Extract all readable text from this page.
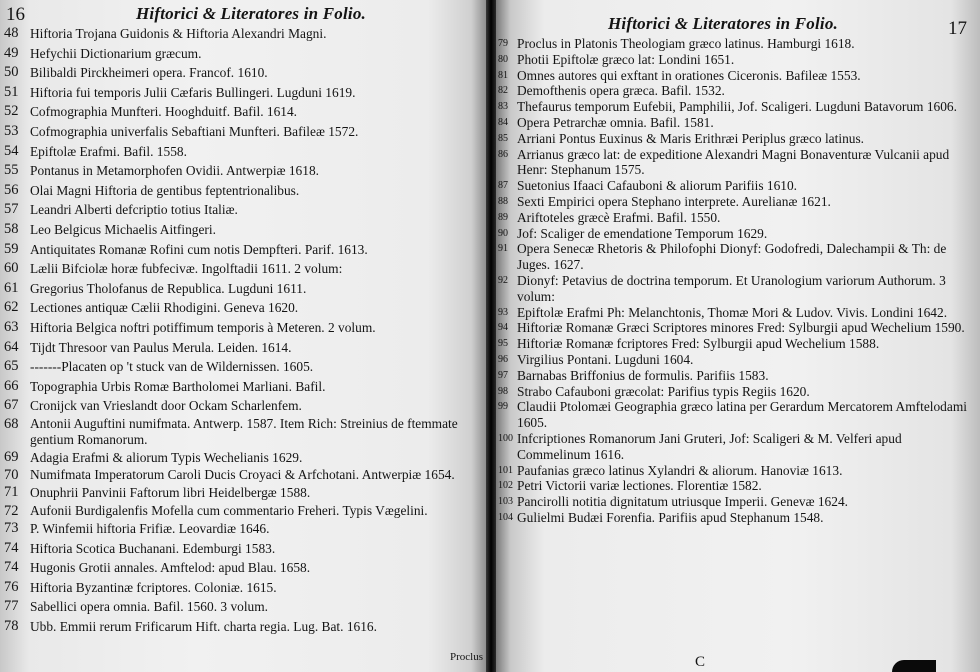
16	Hiftorici & Literatores in Folio.
48 Hiftoria Trojana Guidonis & Hiftoria Alexandri Magni.
49 Hefychii Dictionarium græcum.
50 Bilibaldi Pirckheimeri opera. Francof. 1610.
51 Hiftoria fui temporis Julii Cæfaris Bullingeri. Lugduni 1619.
52 Cofmographia Munfteri. Hooghduitf. Bafil. 1614.
53 Cofmographia univerfalis Sebaftiani Munfteri. Bafileæ 1572.
54 Epiftolæ Erafmi. Bafil. 1558.
55 Pontanus in Metamorphofen Ovidii. Antwerpiæ 1618.
56 Olai Magni Hiftoria de gentibus feptentrionalibus.
57 Leandri Alberti defcriptio totius Italiæ.
58 Leo Belgicus Michaelis Aitfingeri.
59 Antiquitates Romanæ Rofini cum notis Dempfteri. Parif. 1613.
60 Lælii Bifciolæ horæ fubfecivæ. Ingolftadii 1611. 2 volum:
61 Gregorius Tholofanus de Republica. Lugduni 1611.
62 Lectiones antiquæ Cælii Rhodigini. Geneva 1620.
63 Hiftoria Belgica noftri potiffimum temporis à Meteren. 2 volum.
64 Tijdt Thresoor van Paulus Merula. Leiden. 1614.
65 -------Placaten op 't stuck van de Wildernissen. 1605.
66 Topographia Urbis Romæ Bartholomei Marliani. Bafil.
67 Cronijck van Vrieslandt door Ockam Scharlenfem.
68 Antonii Auguftini numifmata. Antwerp. 1587. Item Rich: Streinius de ftemmate gentium Romanorum.
69 Adagia Erafmi & aliorum Typis Wechelianis 1629.
70 Numifmata Imperatorum Caroli Ducis Croyaci & Arfchotani. Antwerpiæ 1654.
71 Onuphrii Panvinii Faftorum libri Heidelbergæ 1588.
72 Aufonii Burdigalenfis Mofella cum commentario Freheri. Typis Vægelini.
73 P. Winfemii hiftoria Frifiæ. Leovardiæ 1646.
74 Hiftoria Scotica Buchanani. Edemburgi 1583.
74 Hugonis Grotii annales. Amftelod: apud Blau. 1658.
76 Hiftoria Byzantinæ fcriptores. Coloniæ. 1615.
77 Sabellici opera omnia. Bafil. 1560. 3 volum.
78 Ubb. Emmii rerum Frificarum Hift. charta regia. Lug. Bat. 1616.
Proclus
Hiftorici & Literatores in Folio.	17
79 Proclus in Platonis Theologiam græco latinus. Hamburgi 1618.
80 Photii Epiftolæ græco lat: Londini 1651.
81 Omnes autores qui exftant in orationes Ciceronis. Bafileæ 1553.
82 Demofthenis opera græca. Bafil. 1532.
83 Thefaurus temporum Eufebii, Pamphilii, Jof. Scaligeri. Lugduni Batavorum 1606.
84 Opera Petrarchæ omnia. Bafil. 1581.
85 Arriani Pontus Euxinus & Maris Erithræi Periplus græco latinus.
86 Arrianus græco lat: de expeditione Alexandri Magni Bonaventuræ Vulcanii apud Henr: Stephanum 1575.
87 Suetonius Ifaaci Cafauboni & aliorum Parifiis 1610.
88 Sexti Empirici opera Stephano interprete. Aurelianæ 1621.
89 Ariftoteles græcè Erafmi. Bafil. 1550.
90 Jof: Scaliger de emendatione Temporum 1629.
91 Opera Senecæ Rhetoris & Philofophi Dionyf: Godofredi, Dalechampii & Th: de Juges. 1627.
92 Dionyf: Petavius de doctrina temporum. Et Uranologium variorum Authorum. 3 volum:
93 Epiftolæ Erafmi Ph: Melanchtonis, Thomæ Mori & Ludov. Vivis. Londini 1642.
94 Hiftoriæ Romanæ Græci Scriptores minores Fred: Sylburgii apud Wechelium 1590.
95 Hiftoriæ Romanæ fcriptores Fred: Sylburgii apud Wechelium 1588.
96 Virgilius Pontani. Lugduni 1604.
97 Barnabas Briffonius de formulis. Parifiis 1583.
98 Strabo Cafauboni græcolat: Parifius typis Regiis 1620.
99 Claudii Ptolomæi Geographia græco latina per Gerardum Mercatorem Amftelodami 1605.
100 Infcriptiones Romanorum Jani Gruteri, Jof: Scaligeri & M. Velferi apud Commelinum 1616.
101 Paufanias græco latinus Xylandri & aliorum. Hanoviæ 1613.
102 Petri Victorii variæ lectiones. Florentiæ 1582.
103 Pancirolli notitia dignitatum utriusque Imperii. Genevæ 1624.
104 Gulielmi Budæi Forenfia. Parifiis apud Stephanum 1548.
C
